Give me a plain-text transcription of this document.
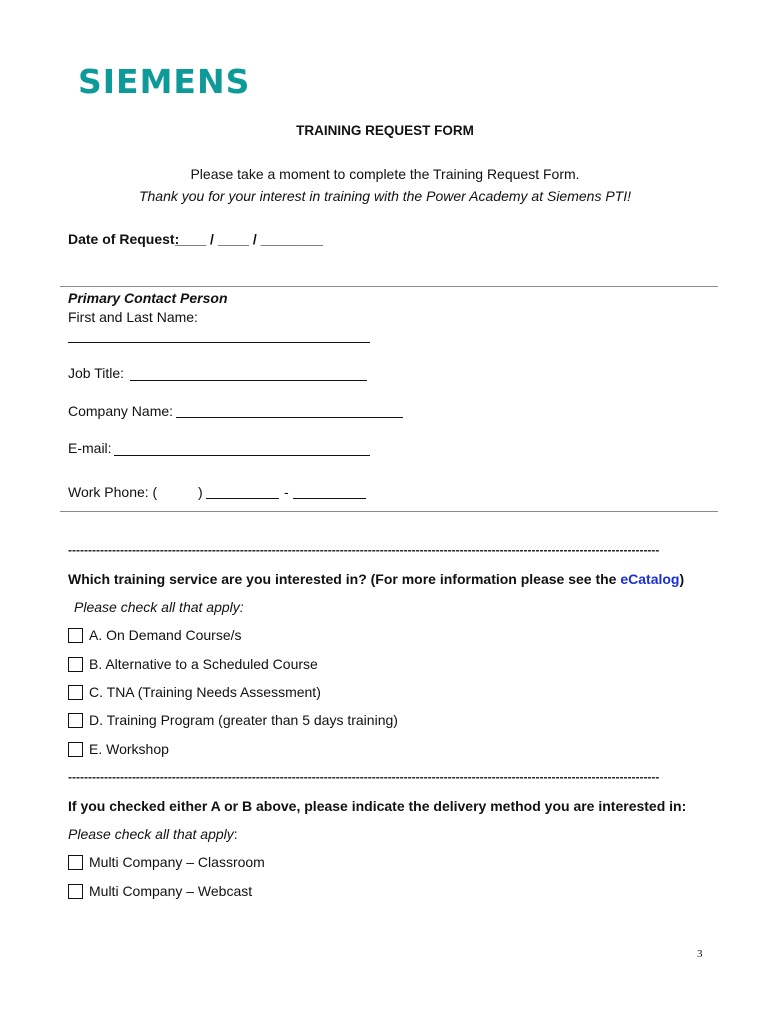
SIEMENS
TRAINING REQUEST FORM
Please take a moment to complete the Training Request Form.
Thank you for your interest in training with the Power Academy at Siemens PTI!
Date of Request:
____ / ____ / ________
Primary Contact Person
First and Last Name:
Job Title:
Company Name:
E-mail:
Work Phone: (	)	-
----------------------------------------------------------------------------------------------------------------------------------------------------
Which training service are you interested in? (For more information please see the eCatalog)
Please check all that apply:
A. On Demand Course/s
B. Alternative to a Scheduled Course
C. TNA (Training Needs Assessment)
D. Training Program (greater than 5 days training)
E. Workshop
----------------------------------------------------------------------------------------------------------------------------------------------------
If you checked either A or B above, please indicate the delivery method you are interested in:
Please check all that apply:
Multi Company – Classroom
Multi Company – Webcast
3
